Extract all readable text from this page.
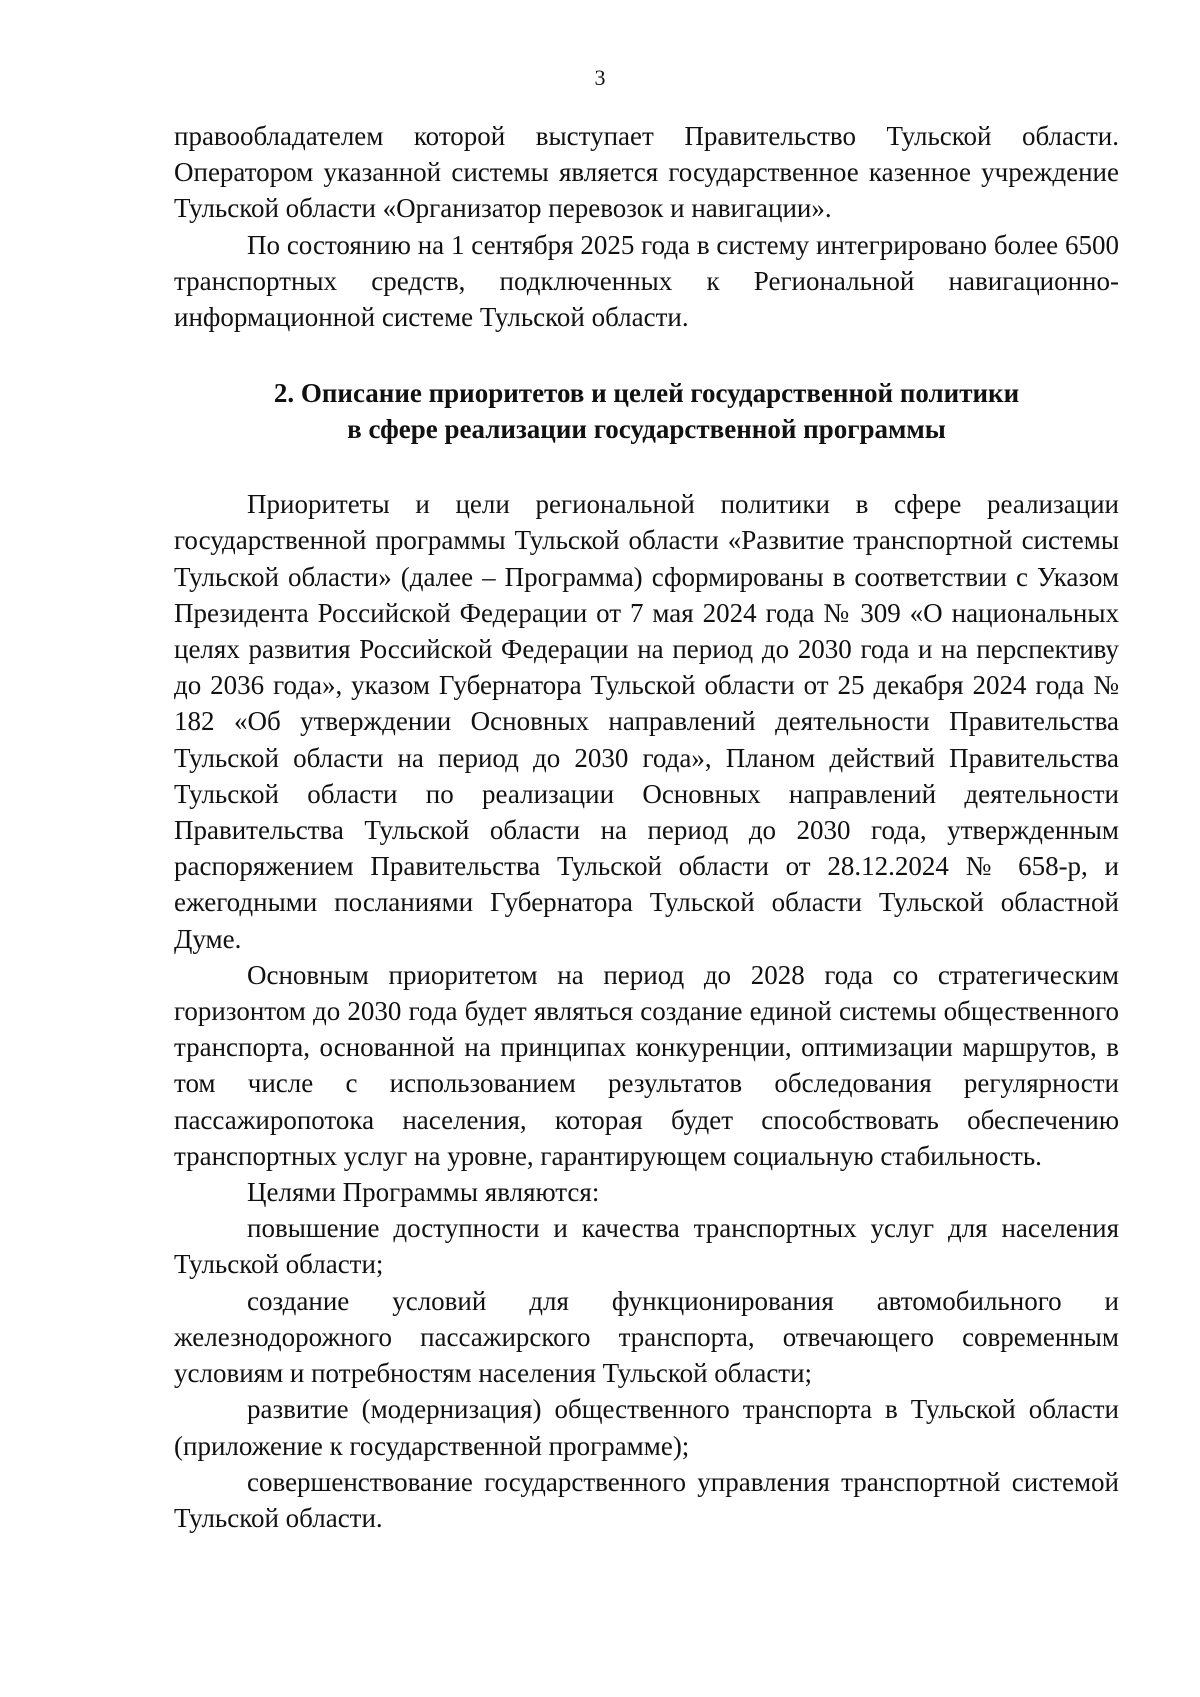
3

правообладателем которой выступает Правительство Тульской области. Оператором указанной системы является государственное казенное учреждение Тульской области «Организатор перевозок и навигации».

По состоянию на 1 сентября 2025 года в систему интегрировано более 6500 транспортных средств, подключенных к Региональной навигационно-информационной системе Тульской области.

2. Описание приоритетов и целей государственной политики
в сфере реализации государственной программы

Приоритеты и цели региональной политики в сфере реализации государственной программы Тульской области «Развитие транспортной системы Тульской области» (далее – Программа) сформированы в соответствии с Указом Президента Российской Федерации от 7 мая 2024 года № 309 «О национальных целях развития Российской Федерации на период до 2030 года и на перспективу до 2036 года», указом Губернатора Тульской области от 25 декабря 2024 года № 182 «Об утверждении Основных направлений деятельности Правительства Тульской области на период до 2030 года», Планом действий Правительства Тульской области по реализации Основных направлений деятельности Правительства Тульской области на период до 2030 года, утвержденным распоряжением Правительства Тульской области от 28.12.2024 № 658-р, и ежегодными посланиями Губернатора Тульской области Тульской областной Думе.

Основным приоритетом на период до 2028 года со стратегическим горизонтом до 2030 года будет являться создание единой системы общественного транспорта, основанной на принципах конкуренции, оптимизации маршрутов, в том числе с использованием результатов обследования регулярности пассажиропотока населения, которая будет способствовать обеспечению транспортных услуг на уровне, гарантирующем социальную стабильность.

Целями Программы являются:

повышение доступности и качества транспортных услуг для населения Тульской области;

создание условий для функционирования автомобильного и железнодорожного пассажирского транспорта, отвечающего современным условиям и потребностям населения Тульской области;

развитие (модернизация) общественного транспорта в Тульской области (приложение к государственной программе);

совершенствование государственного управления транспортной системой Тульской области.
